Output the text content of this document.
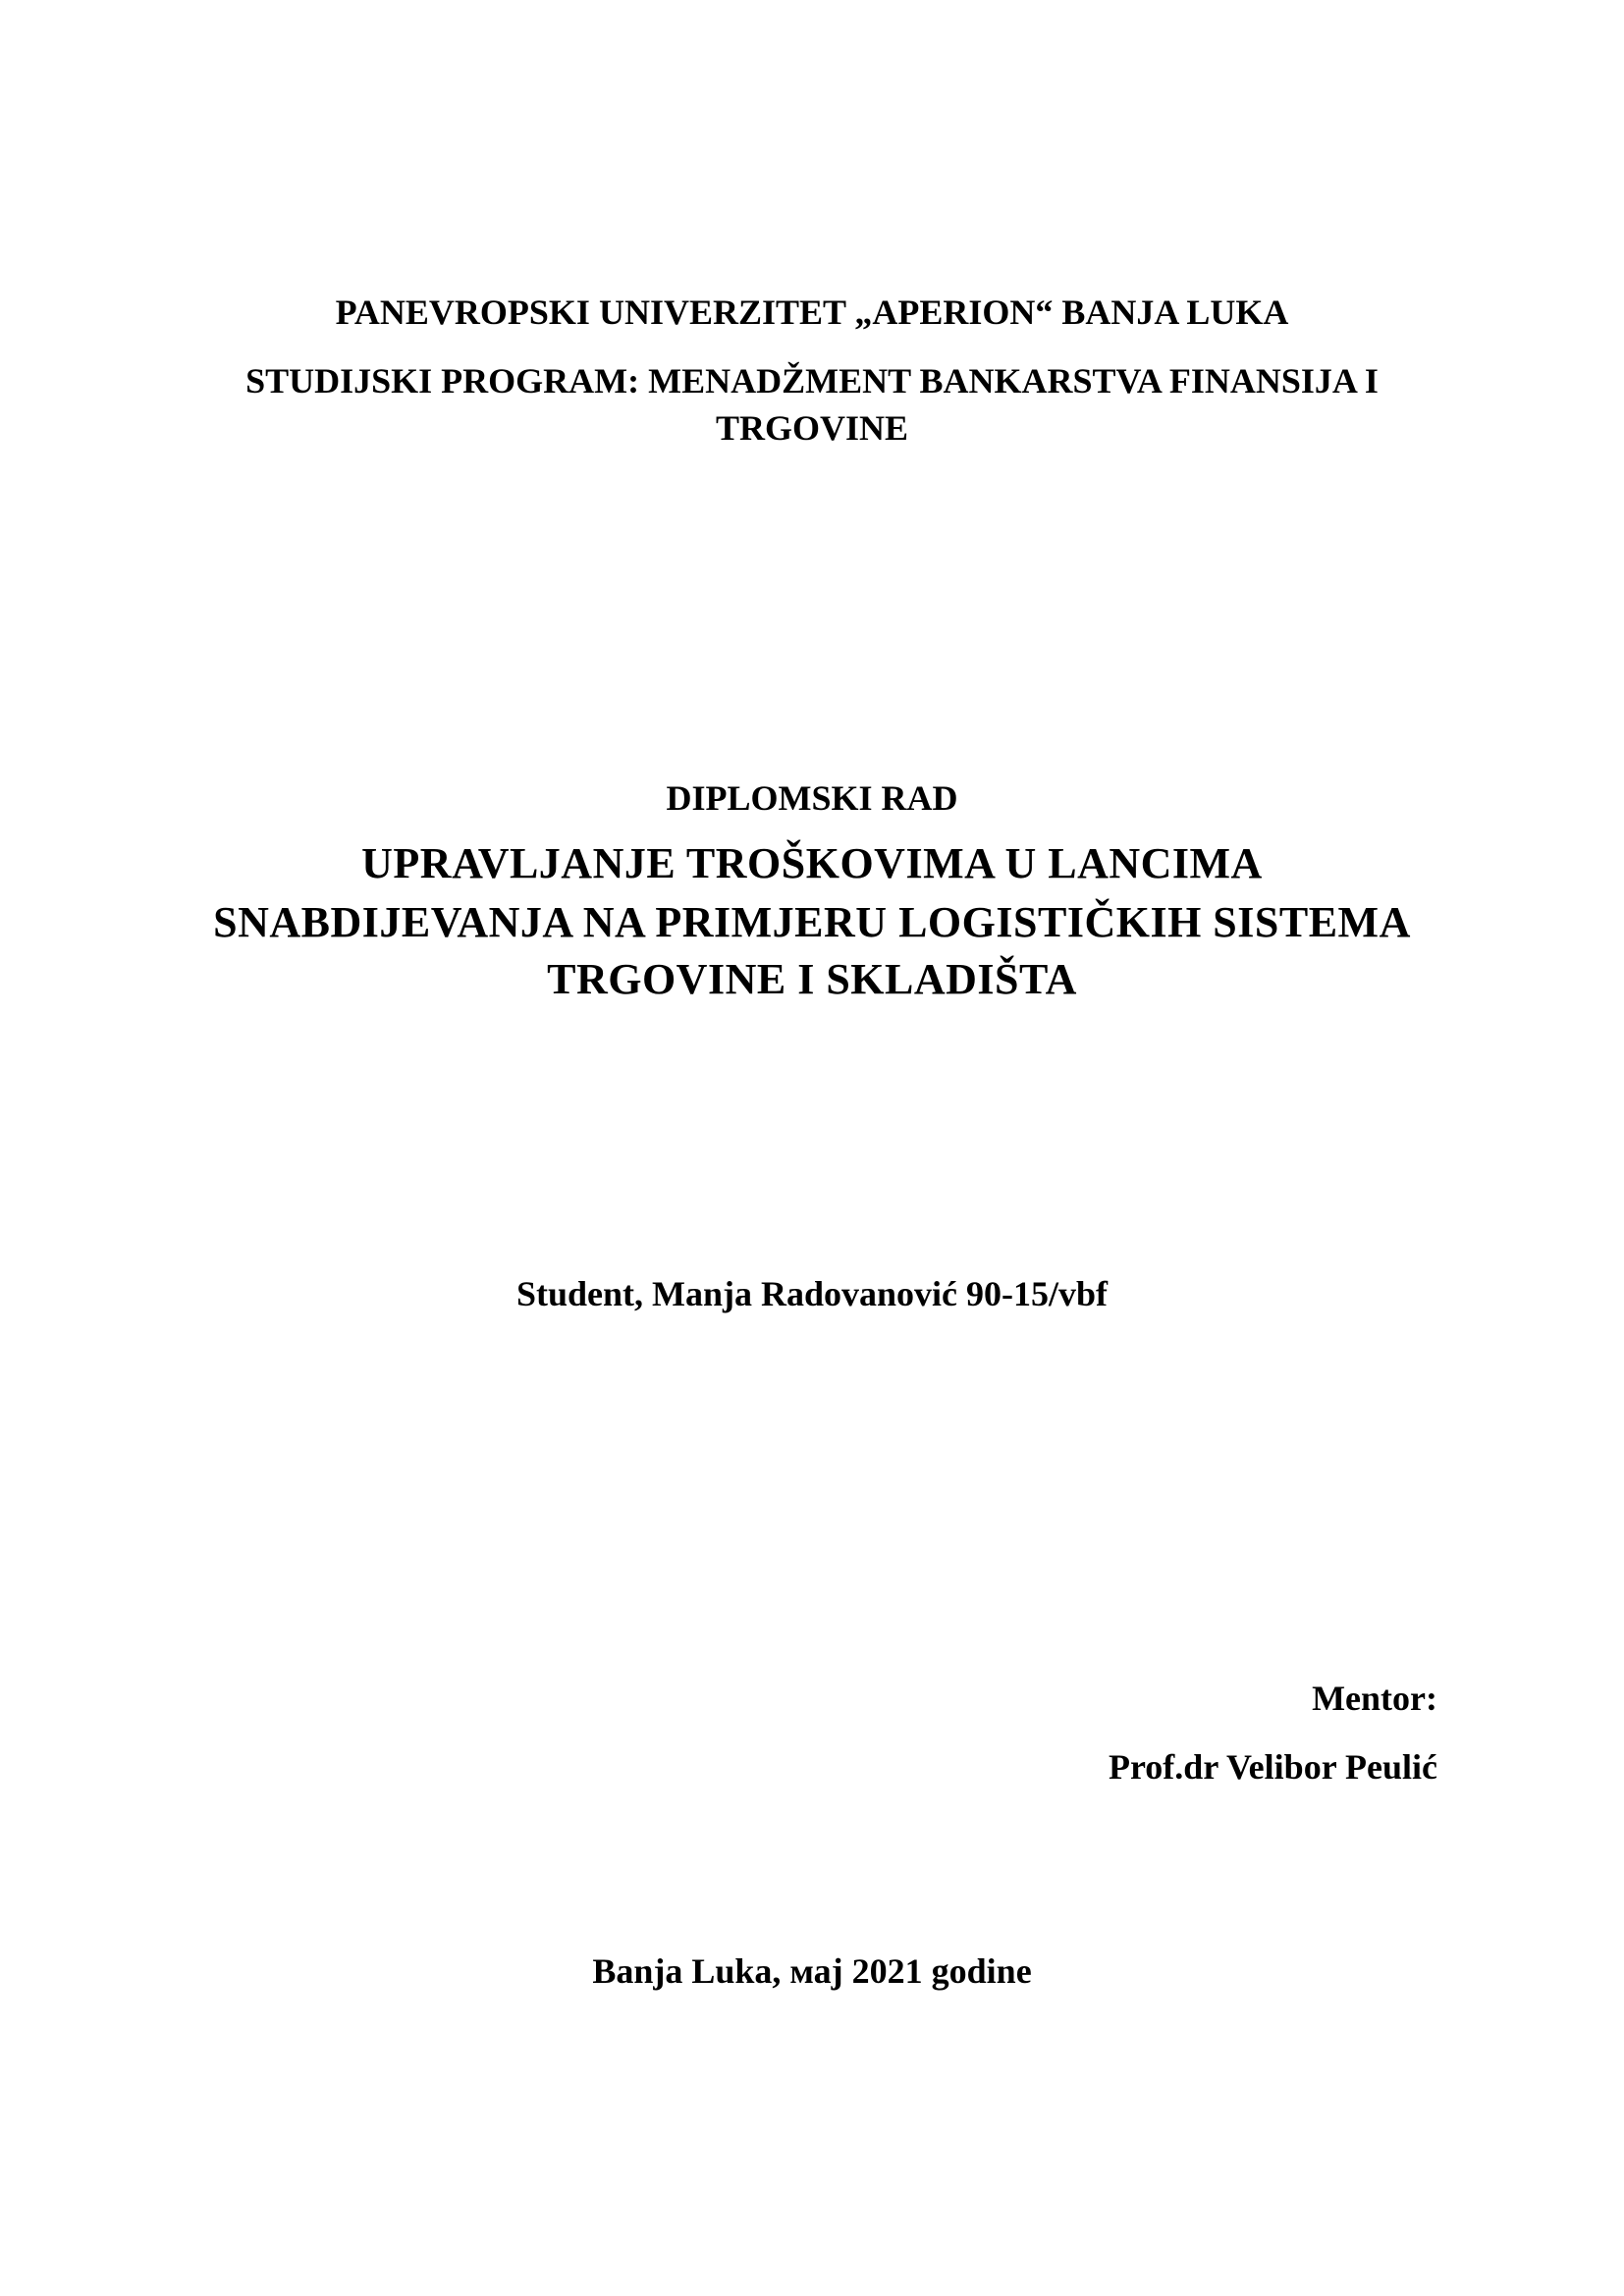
PANEVROPSKI UNIVERZITET „APERION“ BANJA LUKA
STUDIJSKI PROGRAM: MENADŽMENT BANKARSTVA FINANSIJA I
TRGOVINE
DIPLOMSKI RAD
UPRAVLJANJE TROŠKOVIMA U LANCIMA
SNABDIJEVANJA NA PRIMJERU LOGISTIČKIH SISTEMA
TRGOVINE I SKLADIŠTA
Student, Manja Radovanović 90-15/vbf
Mentor:
Prof.dr Velibor Peulić
Banja Luka, мај 2021 godine
